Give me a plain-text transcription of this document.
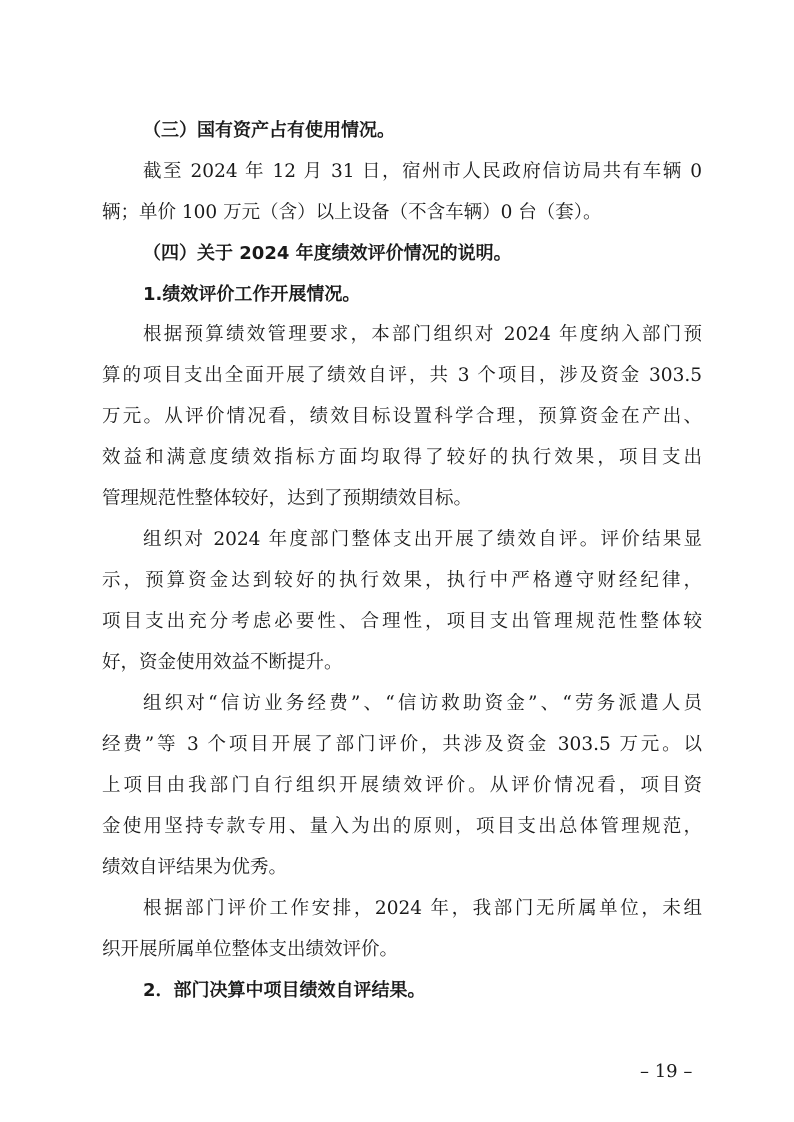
（三）国有资产占有使用情况。
截至 2024 年 12 月 31 日，宿州市人民政府信访局共有车辆 0
辆；单价 100 万元（含）以上设备（不含车辆）0 台（套）。
（四）关于 2024 年度绩效评价情况的说明。
1.绩效评价工作开展情况。
根据预算绩效管理要求，本部门组织对 2024 年度纳入部门预
算的项目支出全面开展了绩效自评，共 3 个项目，涉及资金 303.5
万元。从评价情况看，绩效目标设置科学合理，预算资金在产出、
效益和满意度绩效指标方面均取得了较好的执行效果，项目支出
管理规范性整体较好，达到了预期绩效目标。
组织对 2024 年度部门整体支出开展了绩效自评。评价结果显
示，预算资金达到较好的执行效果，执行中严格遵守财经纪律，
项目支出充分考虑必要性、合理性，项目支出管理规范性整体较
好，资金使用效益不断提升。
组织对“信访业务经费”、“信访救助资金”、“劳务派遣人员
经费”等 3 个项目开展了部门评价，共涉及资金 303.5 万元。以
上项目由我部门自行组织开展绩效评价。从评价情况看，项目资
金使用坚持专款专用、量入为出的原则，项目支出总体管理规范，
绩效自评结果为优秀。
根据部门评价工作安排，2024 年，我部门无所属单位，未组
织开展所属单位整体支出绩效评价。
2．部门决算中项目绩效自评结果。
– 19 –
